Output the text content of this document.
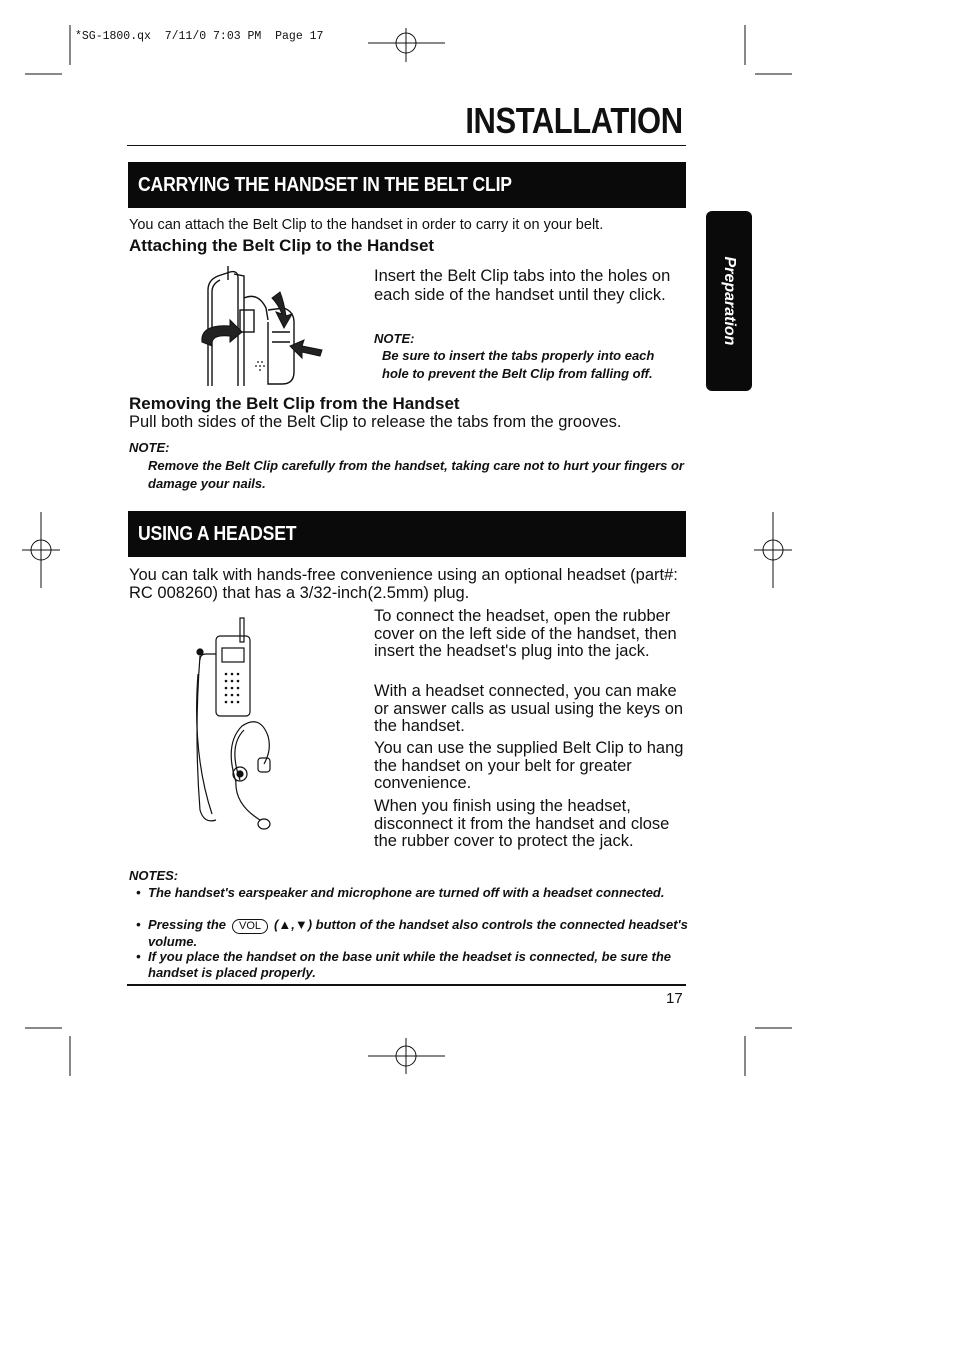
*SG-1800.qx  7/11/0 7:03 PM  Page 17
INSTALLATION
Preparation
CARRYING THE HANDSET IN THE BELT CLIP
You can attach the Belt Clip to the handset in order to carry it on your belt.
Attaching the Belt Clip to the Handset
Insert the Belt Clip tabs into the holes on each side of the handset until they click.
NOTE:
Be sure to insert the tabs properly into each hole to prevent the Belt Clip from falling off.
Removing the Belt Clip from the Handset
Pull both sides of the Belt Clip to release the tabs from the grooves.
NOTE:
Remove the Belt Clip carefully from the handset, taking care not to hurt your fingers or damage your nails.
USING A HEADSET
You can talk with hands-free convenience using an optional headset (part#: RC 008260) that has a 3/32-inch(2.5mm) plug.
To connect the headset, open the rubber cover on the left side of the handset, then insert the headset's plug into the jack.
With a headset connected, you can make or answer calls as usual using the keys on the handset.
You can use the supplied Belt Clip to hang the handset on your belt for greater convenience.
When you finish using the headset, disconnect it from the handset and close the rubber cover to protect the jack.
NOTES:
• The handset's earspeaker and microphone are turned off with a headset connected.
• Pressing the VOL (▲,▼) button of the handset also controls the connected headset's volume.
• If you place the handset on the base unit while the headset is connected, be sure the handset is placed properly.
17
